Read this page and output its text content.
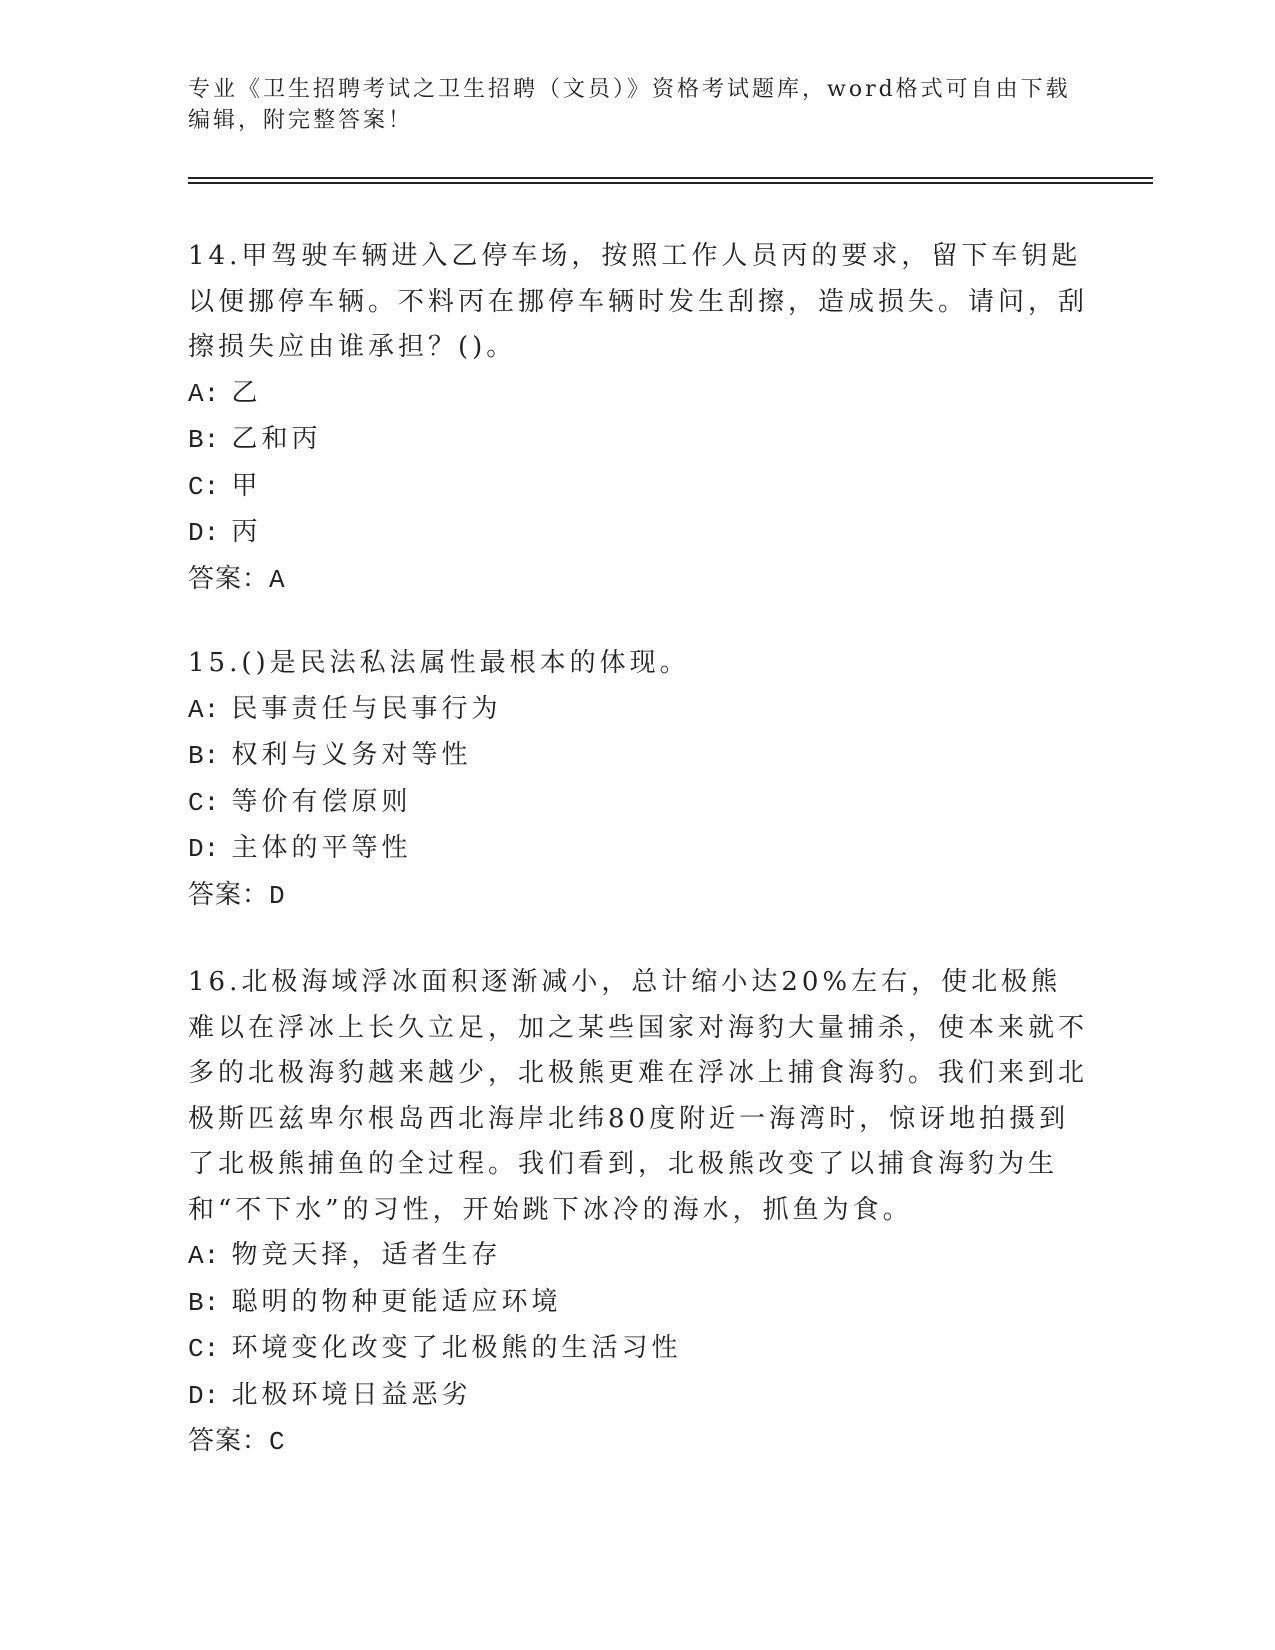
专业《卫生招聘考试之卫生招聘（文员）》资格考试题库，word格式可自由下载
编辑，附完整答案！
14.甲驾驶车辆进入乙停车场，按照工作人员丙的要求，留下车钥匙以便挪停车辆。不料丙在挪停车辆时发生刮擦，造成损失。请问，刮擦损失应由谁承担？()。
A: 乙
B: 乙和丙
C: 甲
D: 丙
答案：A
15.()是民法私法属性最根本的体现。
A: 民事责任与民事行为
B: 权利与义务对等性
C: 等价有偿原则
D: 主体的平等性
答案：D
16.北极海域浮冰面积逐渐减小，总计缩小达20%左右，使北极熊难以在浮冰上长久立足，加之某些国家对海豹大量捕杀，使本来就不多的北极海豹越来越少，北极熊更难在浮冰上捕食海豹。我们来到北极斯匹兹卑尔根岛西北海岸北纬80度附近一海湾时，惊讶地拍摄到了北极熊捕鱼的全过程。我们看到，北极熊改变了以捕食海豹为生和“不下水”的习性，开始跳下冰冷的海水，抓鱼为食。
A: 物竞天择，适者生存
B: 聪明的物种更能适应环境
C: 环境变化改变了北极熊的生活习性
D: 北极环境日益恶劣
答案：C
